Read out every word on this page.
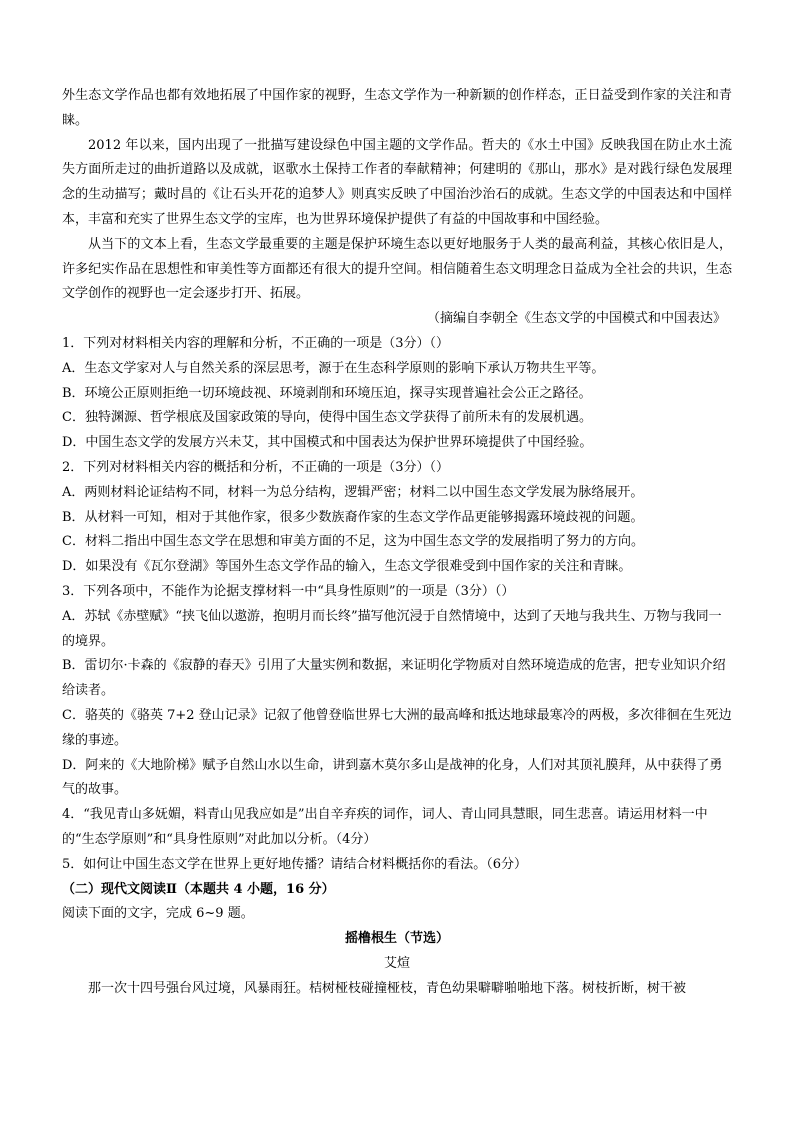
外生态文学作品也都有效地拓展了中国作家的视野，生态文学作为一种新颖的创作样态，正日益受到作家的关注和青睐。

2012 年以来，国内出现了一批描写建设绿色中国主题的文学作品。哲夫的《水土中国》反映我国在防止水土流失方面所走过的曲折道路以及成就，讴歌水土保持工作者的奉献精神；何建明的《那山，那水》是对践行绿色发展理念的生动描写；戴时昌的《让石头开花的追梦人》则真实反映了中国治沙治石的成就。生态文学的中国表达和中国样本，丰富和充实了世界生态文学的宝库，也为世界环境保护提供了有益的中国故事和中国经验。

从当下的文本上看，生态文学最重要的主题是保护环境生态以更好地服务于人类的最高利益，其核心依旧是人，许多纪实作品在思想性和审美性等方面都还有很大的提升空间。相信随着生态文明理念日益成为全社会的共识，生态文学创作的视野也一定会逐步打开、拓展。

（摘编自李朝全《生态文学的中国模式和中国表达》

1．下列对材料相关内容的理解和分析，不正确的一项是（3分）（）

A．生态文学家对人与自然关系的深层思考，源于在生态科学原则的影响下承认万物共生平等。

B．环境公正原则拒绝一切环境歧视、环境剥削和环境压迫，探寻实现普遍社会公正之路径。

C．独特渊源、哲学根底及国家政策的导向，使得中国生态文学获得了前所未有的发展机遇。

D．中国生态文学的发展方兴未艾，其中国模式和中国表达为保护世界环境提供了中国经验。

2．下列对材料相关内容的概括和分析，不正确的一项是（3分）（）

A．两则材料论证结构不同，材料一为总分结构，逻辑严密；材料二以中国生态文学发展为脉络展开。

B．从材料一可知，相对于其他作家，很多少数族裔作家的生态文学作品更能够揭露环境歧视的问题。

C．材料二指出中国生态文学在思想和审美方面的不足，这为中国生态文学的发展指明了努力的方向。

D．如果没有《瓦尔登湖》等国外生态文学作品的输入，生态文学很难受到中国作家的关注和青睐。

3．下列各项中，不能作为论据支撑材料一中“具身性原则”的一项是（3分）（）

A．苏轼《赤壁赋》“挟飞仙以遨游，抱明月而长终”描写他沉浸于自然情境中，达到了天地与我共生、万物与我同一的境界。

B．雷切尔·卡森的《寂静的春天》引用了大量实例和数据，来证明化学物质对自然环境造成的危害，把专业知识介绍给读者。

C．骆英的《骆英 7+2 登山记录》记叙了他曾登临世界七大洲的最高峰和抵达地球最寒冷的两极，多次徘徊在生死边缘的事迹。

D．阿来的《大地阶梯》赋予自然山水以生命，讲到嘉木莫尔多山是战神的化身，人们对其顶礼膜拜，从中获得了勇气的故事。

4．“我见青山多妩媚，料青山见我应如是”出自辛弃疾的词作，词人、青山同具慧眼，同生悲喜。请运用材料一中的“生态学原则”和“具身性原则”对此加以分析。（4分）

5．如何让中国生态文学在世界上更好地传播？请结合材料概括你的看法。（6分）

（二）现代文阅读Ⅱ（本题共 4 小题，16 分）

阅读下面的文字，完成 6~9 题。

摇橹根生（节选）

艾煊

那一次十四号强台风过境，风暴雨狂。桔树桠枝碰撞桠枝，青色幼果噼噼啪啪地下落。树枝折断，树干被
